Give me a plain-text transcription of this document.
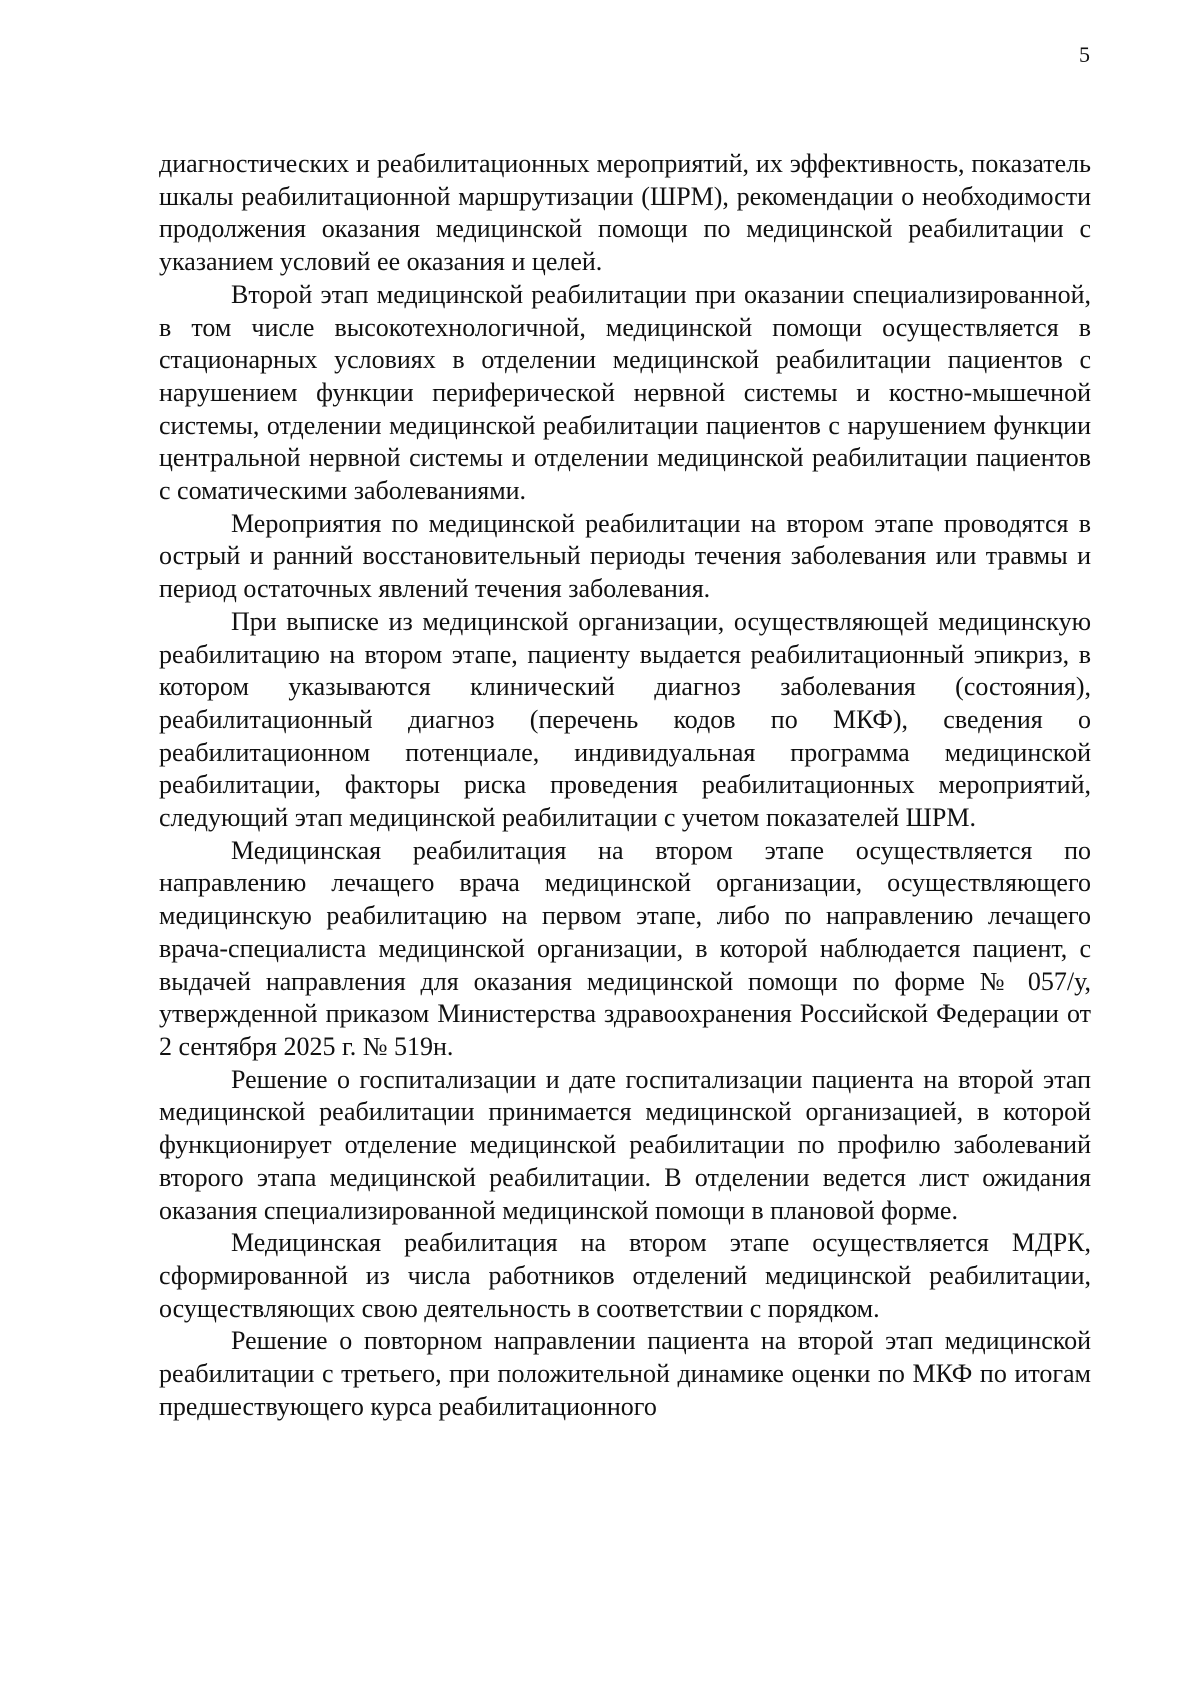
5

диагностических и реабилитационных мероприятий, их эффективность, показатель шкалы реабилитационной маршрутизации (ШРМ), рекомендации о необходимости продолжения оказания медицинской помощи по медицинской реабилитации с указанием условий ее оказания и целей.

Второй этап медицинской реабилитации при оказании специализированной, в том числе высокотехнологичной, медицинской помощи осуществляется в стационарных условиях в отделении медицинской реабилитации пациентов с нарушением функции периферической нервной системы и костно-мышечной системы, отделении медицинской реабилитации пациентов с нарушением функции центральной нервной системы и отделении медицинской реабилитации пациентов с соматическими заболеваниями.

Мероприятия по медицинской реабилитации на втором этапе проводятся в острый и ранний восстановительный периоды течения заболевания или травмы и период остаточных явлений течения заболевания.

При выписке из медицинской организации, осуществляющей медицинскую реабилитацию на втором этапе, пациенту выдается реабилитационный эпикриз, в котором указываются клинический диагноз заболевания (состояния), реабилитационный диагноз (перечень кодов по МКФ), сведения о реабилитационном потенциале, индивидуальная программа медицинской реабилитации, факторы риска проведения реабилитационных мероприятий, следующий этап медицинской реабилитации с учетом показателей ШРМ.

Медицинская реабилитация на втором этапе осуществляется по направлению лечащего врача медицинской организации, осуществляющего медицинскую реабилитацию на первом этапе, либо по направлению лечащего врача-специалиста медицинской организации, в которой наблюдается пациент, с выдачей направления для оказания медицинской помощи по форме № 057/у, утвержденной приказом Министерства здравоохранения Российской Федерации от 2 сентября 2025 г. № 519н.

Решение о госпитализации и дате госпитализации пациента на второй этап медицинской реабилитации принимается медицинской организацией, в которой функционирует отделение медицинской реабилитации по профилю заболеваний второго этапа медицинской реабилитации. В отделении ведется лист ожидания оказания специализированной медицинской помощи в плановой форме.

Медицинская реабилитация на втором этапе осуществляется МДРК, сформированной из числа работников отделений медицинской реабилитации, осуществляющих свою деятельность в соответствии с порядком.

Решение о повторном направлении пациента на второй этап медицинской реабилитации с третьего, при положительной динамике оценки по МКФ по итогам предшествующего курса реабилитационного
